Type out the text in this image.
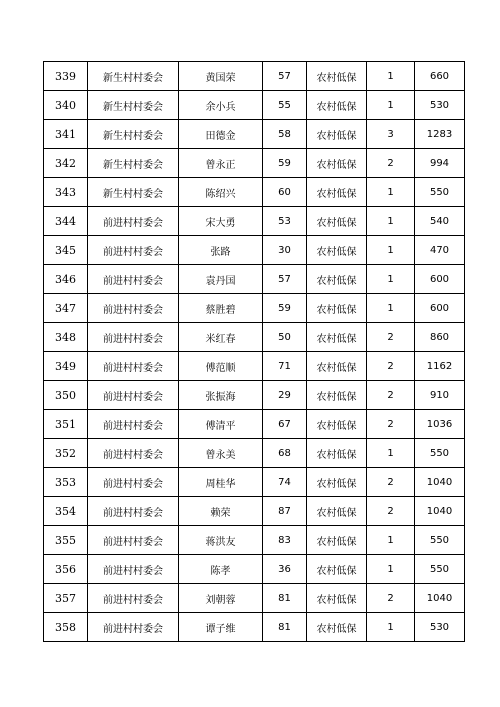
339	新生村村委会	黄国荣	57	农村低保	1	660
340	新生村村委会	余小兵	55	农村低保	1	530
341	新生村村委会	田德金	58	农村低保	3	1283
342	新生村村委会	曾永正	59	农村低保	2	994
343	新生村村委会	陈绍兴	60	农村低保	1	550
344	前进村村委会	宋大勇	53	农村低保	1	540
345	前进村村委会	张路	30	农村低保	1	470
346	前进村村委会	袁丹国	57	农村低保	1	600
347	前进村村委会	蔡胜碧	59	农村低保	1	600
348	前进村村委会	米红春	50	农村低保	2	860
349	前进村村委会	傅范顺	71	农村低保	2	1162
350	前进村村委会	张振海	29	农村低保	2	910
351	前进村村委会	傅清平	67	农村低保	2	1036
352	前进村村委会	曾永美	68	农村低保	1	550
353	前进村村委会	周桂华	74	农村低保	2	1040
354	前进村村委会	赖荣	87	农村低保	2	1040
355	前进村村委会	蒋洪友	83	农村低保	1	550
356	前进村村委会	陈孝	36	农村低保	1	550
357	前进村村委会	刘朝蓉	81	农村低保	2	1040
358	前进村村委会	谭子维	81	农村低保	1	530
